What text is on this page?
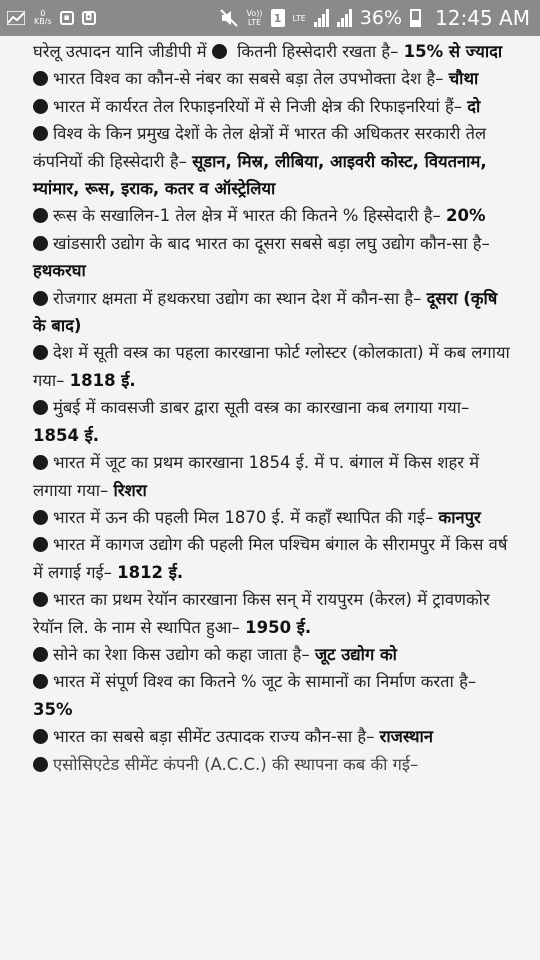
0
KB/s	▪	◘	Vo))
LTE 1	LTE	36% 12:45 AM

घरेलू उत्पादन यानि जीडीपी में  कितनी हिस्सेदारी रखता है– 15% से ज्यादा

भारत विश्व का कौन-से नंबर का सबसे बड़ा तेल उपभोक्ता देश है– चौथा

भारत में कार्यरत तेल रिफाइनरियों में से निजी क्षेत्र की रिफाइनरियां हैं– दो

विश्व के किन प्रमुख देशों के तेल क्षेत्रों में भारत की अधिकतर सरकारी तेल कंपनियों की हिस्सेदारी है– सूडान, मिस्र, लीबिया, आइवरी कोस्ट, वियतनाम, म्यांमार, रूस, इराक, कतर व ऑस्ट्रेलिया

रूस के सखालिन-1 तेल क्षेत्र में भारत की कितने % हिस्सेदारी है– 20%

खांडसारी उद्योग के बाद भारत का दूसरा सबसे बड़ा लघु उद्योग कौन-सा है– हथकरघा

रोजगार क्षमता में हथकरघा उद्योग का स्थान देश में कौन-सा है– दूसरा (कृषि के बाद)

देश में सूती वस्त्र का पहला कारखाना फोर्ट ग्लोस्टर (कोलकाता) में कब लगाया गया– 1818 ई.

मुंबई में कावसजी डाबर द्वारा सूती वस्त्र का कारखाना कब लगाया गया– 1854 ई.

भारत में जूट का प्रथम कारखाना 1854 ई. में प. बंगाल में किस शहर में लगाया गया– रिशरा

भारत में ऊन की पहली मिल 1870 ई. में कहाँ स्थापित की गई– कानपुर

भारत में कागज उद्योग की पहली मिल पश्चिम बंगाल के सीरामपुर में किस वर्ष में लगाई गई– 1812 ई.

भारत का प्रथम रेयॉन कारखाना किस सन् में रायपुरम (केरल) में ट्रावणकोर रेयॉन लि. के नाम से स्थापित हुआ– 1950 ई.

सोने का रेशा किस उद्योग को कहा जाता है– जूट उद्योग को

भारत में संपूर्ण विश्व का कितने % जूट के सामानों का निर्माण करता है– 35%

भारत का सबसे बड़ा सीमेंट उत्पादक राज्य कौन-सा है– राजस्थान

एसोसिएटेड सीमेंट कंपनी (A.C.C.) की स्थापना कब की गई–
